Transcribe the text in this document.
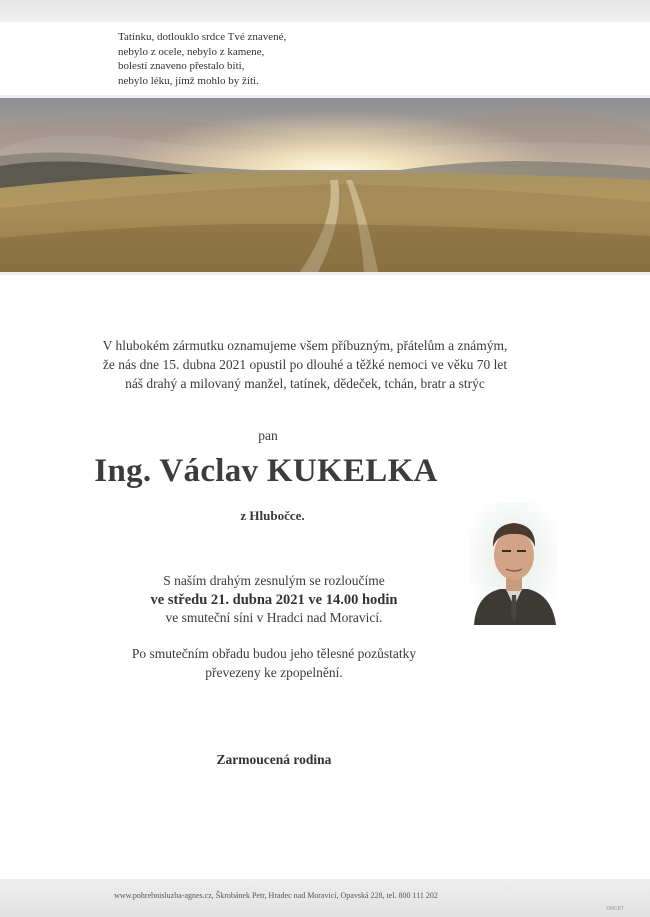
Tatínku, dotlouklo srdce Tvé znavené,
nebylo z ocele, nebylo z kamene,
bolestí znaveno přestalo bíti,
nebylo léku, jímž mohlo by žíti.
V hlubokém zármutku oznamujeme všem příbuzným, přátelům a známým,
že nás dne 15. dubna 2021 opustil po dlouhé a těžké nemoci ve věku 70 let
náš drahý a milovaný manžel, tatínek, dědeček, tchán, bratr a strýc
pan
Ing. Václav KUKELKA
z Hlubočce.
S naším drahým zesnulým se rozloučíme
ve středu 21. dubna 2021 ve 14.00 hodin
ve smuteční síni v Hradci nad Moravicí.
Po smutečním obřadu budou jeho tělesné pozůstatky
převezeny ke zpopelnění.
Zarmoucená rodina
www.pohrebnisluzba-agnes.cz, Škrobánek Petr, Hradec nad Moravicí, Opavská 228, tel. 800 111 202
©MCBT
